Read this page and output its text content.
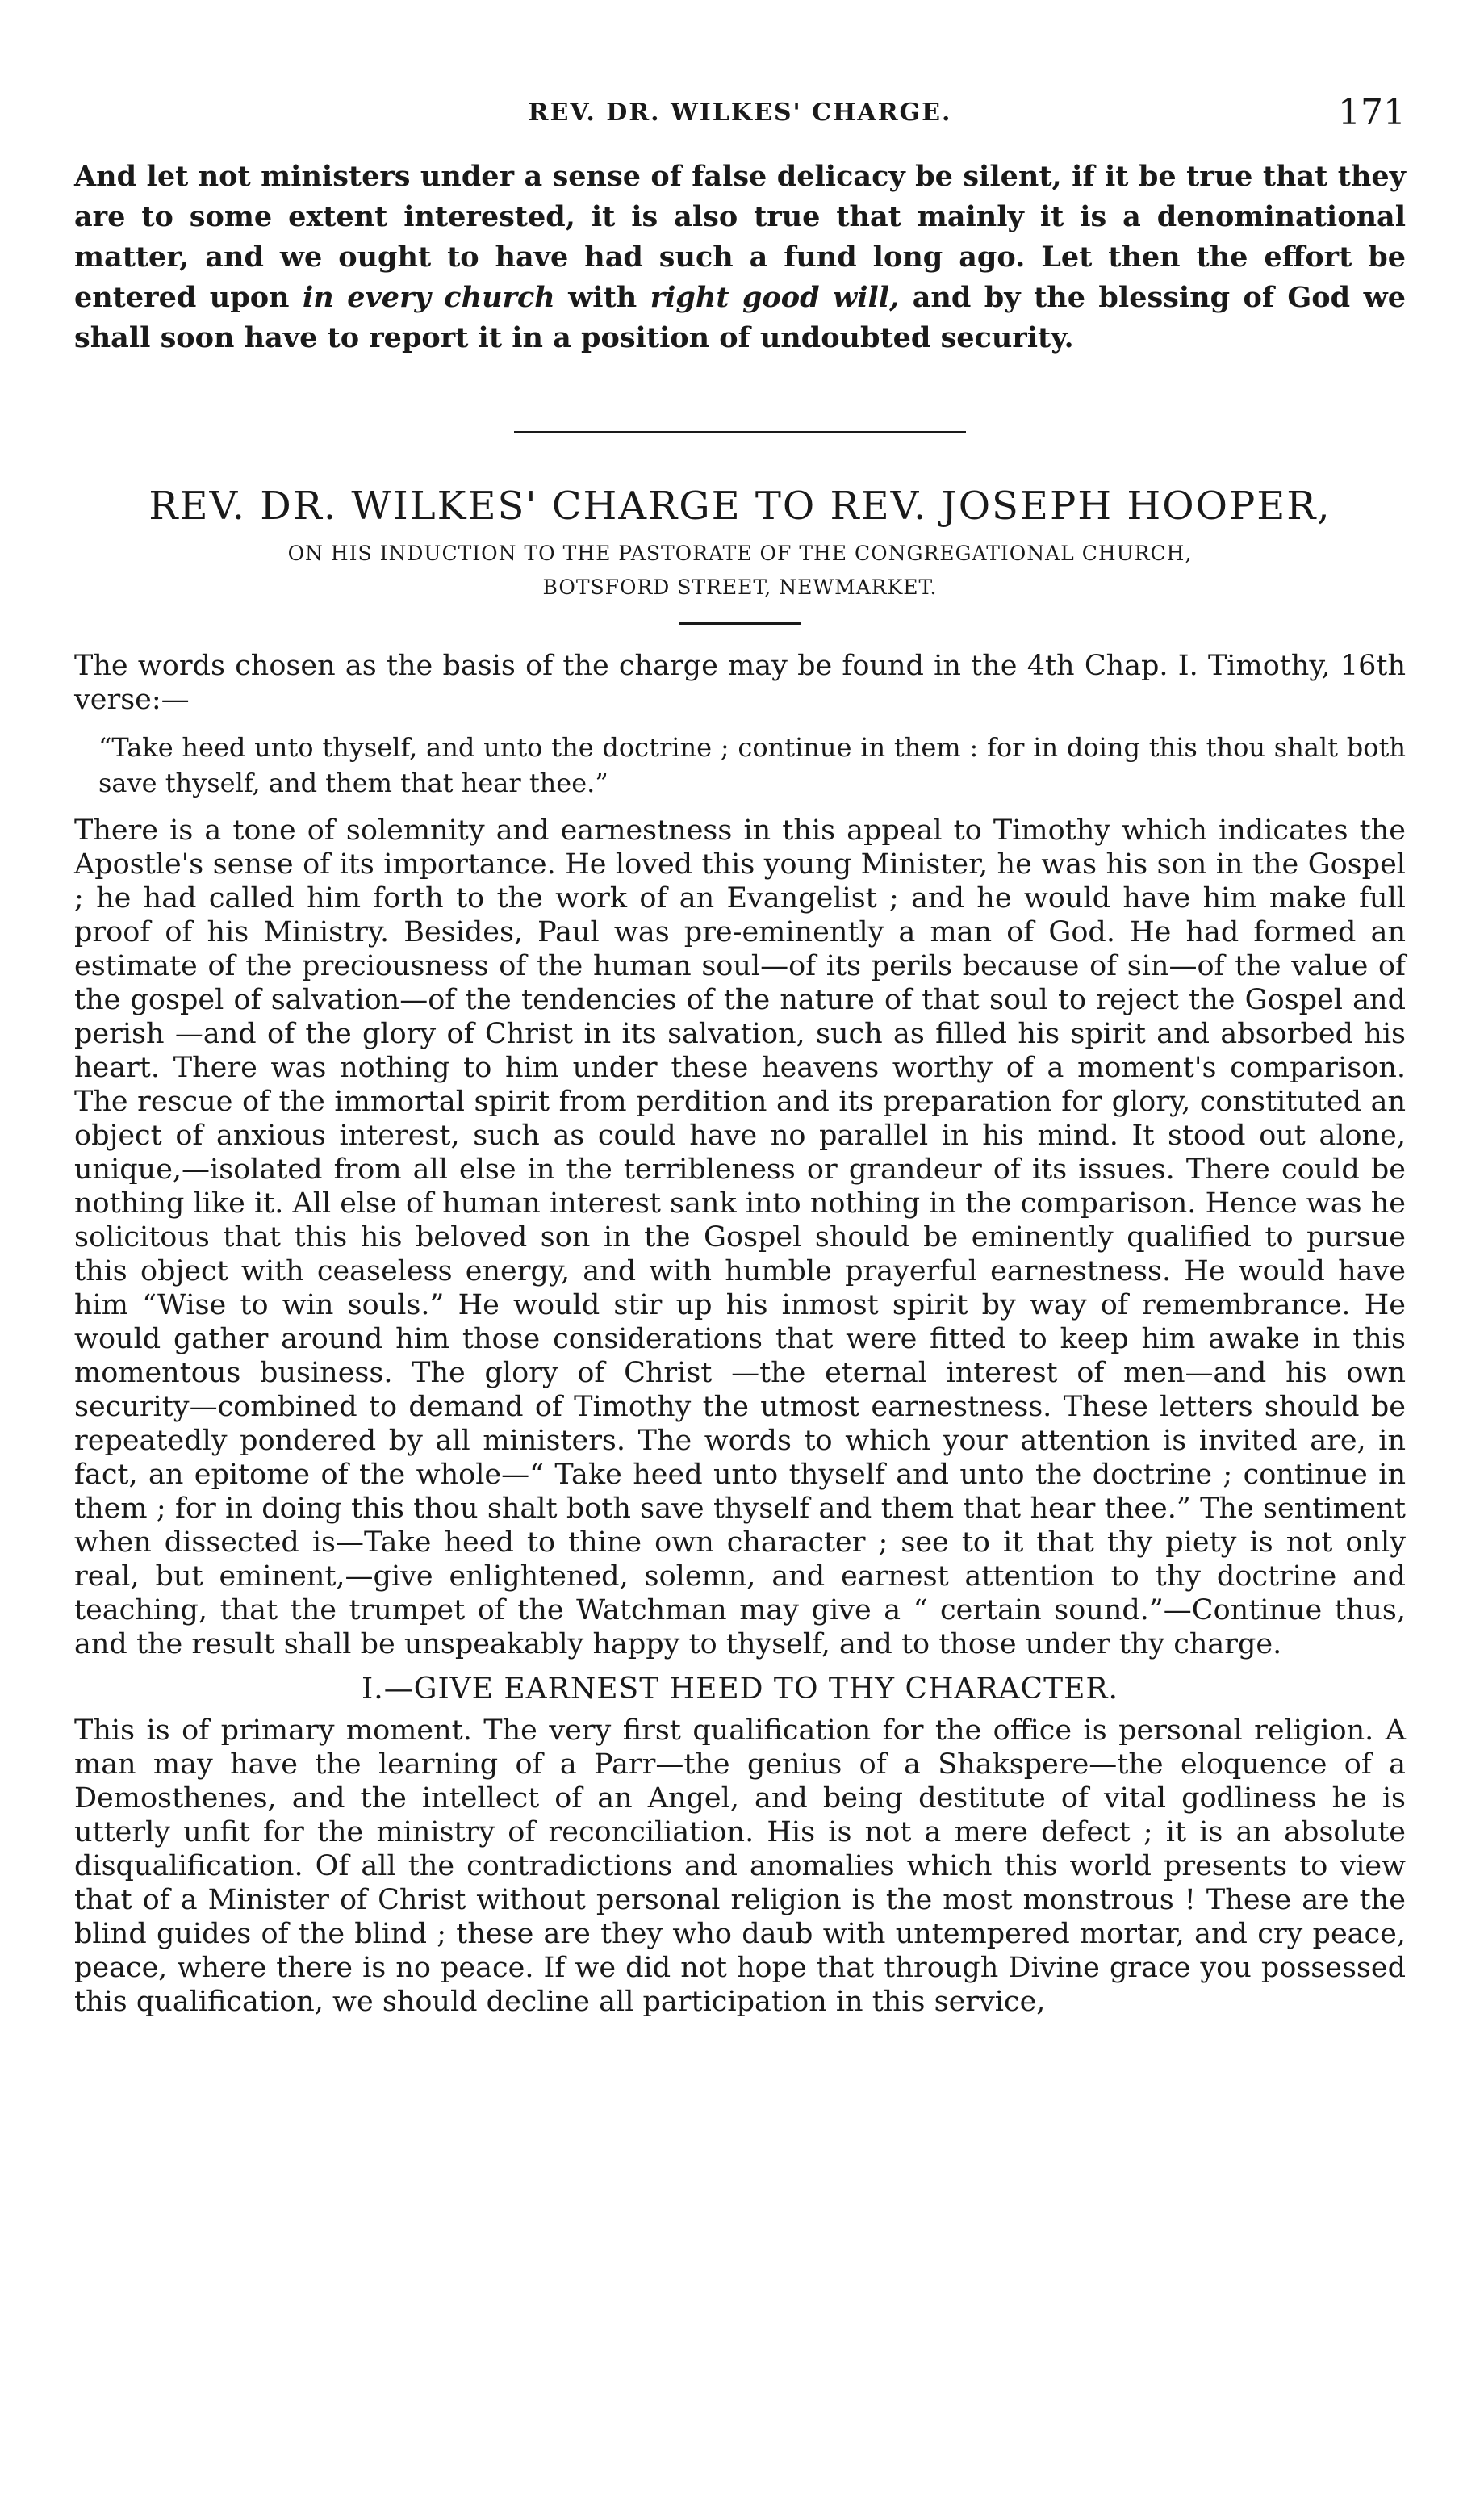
REV. DR. WILKES' CHARGE.	171

And let not ministers under a sense of false delicacy be silent, if it be true that they are to some extent interested, it is also true that mainly it is a denominational matter, and we ought to have had such a fund long ago. Let then the effort be entered upon in every church with right good will, and by the blessing of God we shall soon have to report it in a position of undoubted security.

REV. DR. WILKES' CHARGE TO REV. JOSEPH HOOPER,
ON HIS INDUCTION TO THE PASTORATE OF THE CONGREGATIONAL CHURCH,
BOTSFORD STREET, NEWMARKET.

The words chosen as the basis of the charge may be found in the 4th Chap. I. Timothy, 16th verse:—

“Take heed unto thyself, and unto the doctrine ; continue in them : for in doing this thou shalt both save thyself, and them that hear thee.”

There is a tone of solemnity and earnestness in this appeal to Timothy which indicates the Apostle's sense of its importance. He loved this young Minister, he was his son in the Gospel ; he had called him forth to the work of an Evangelist ; and he would have him make full proof of his Ministry. Besides, Paul was pre-eminently a man of God. He had formed an estimate of the preciousness of the human soul—of its perils because of sin—of the value of the gospel of salvation—of the tendencies of the nature of that soul to reject the Gospel and perish —and of the glory of Christ in its salvation, such as filled his spirit and absorbed his heart. There was nothing to him under these heavens worthy of a moment's comparison. The rescue of the immortal spirit from perdition and its preparation for glory, constituted an object of anxious interest, such as could have no parallel in his mind. It stood out alone, unique,—isolated from all else in the terribleness or grandeur of its issues. There could be nothing like it. All else of human interest sank into nothing in the comparison. Hence was he solicitous that this his beloved son in the Gospel should be eminently qualified to pursue this object with ceaseless energy, and with humble prayerful earnestness. He would have him “Wise to win souls.” He would stir up his inmost spirit by way of remembrance. He would gather around him those considerations that were fitted to keep him awake in this momentous business. The glory of Christ —the eternal interest of men—and his own security—combined to demand of Timothy the utmost earnestness. These letters should be repeatedly pondered by all ministers. The words to which your attention is invited are, in fact, an epitome of the whole—“ Take heed unto thyself and unto the doctrine ; continue in them ; for in doing this thou shalt both save thyself and them that hear thee.” The sentiment when dissected is—Take heed to thine own character ; see to it that thy piety is not only real, but eminent,—give enlightened, solemn, and earnest attention to thy doctrine and teaching, that the trumpet of the Watchman may give a “ certain sound.”—Continue thus, and the result shall be unspeakably happy to thyself, and to those under thy charge.

I.—GIVE EARNEST HEED TO THY CHARACTER.

This is of primary moment. The very first qualification for the office is personal religion. A man may have the learning of a Parr—the genius of a Shakspere—the eloquence of a Demosthenes, and the intellect of an Angel, and being destitute of vital godliness he is utterly unfit for the ministry of reconciliation. His is not a mere defect ; it is an absolute disqualification. Of all the contradictions and anomalies which this world presents to view that of a Minister of Christ without personal religion is the most monstrous ! These are the blind guides of the blind ; these are they who daub with untempered mortar, and cry peace, peace, where there is no peace. If we did not hope that through Divine grace you possessed this qualification, we should decline all participation in this service,
